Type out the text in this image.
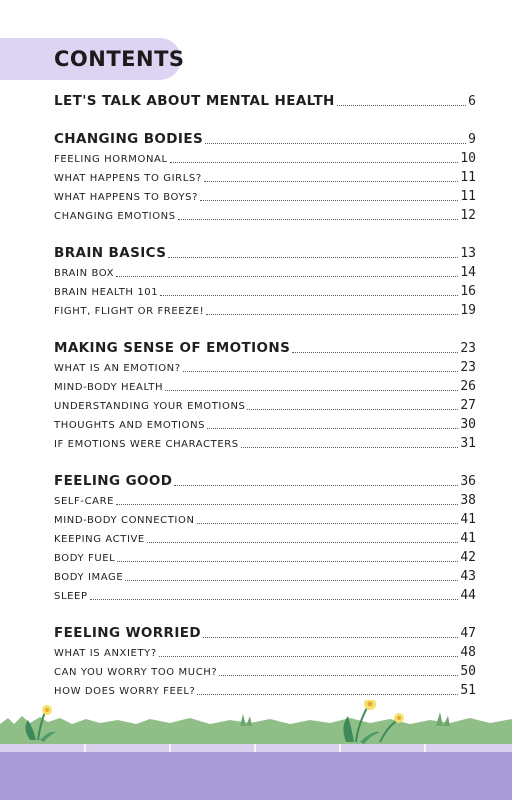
CONTENTS
LET'S TALK ABOUT MENTAL HEALTH	6
CHANGING BODIES	9
FEELING HORMONAL	10
WHAT HAPPENS TO GIRLS?	11
WHAT HAPPENS TO BOYS?	11
CHANGING EMOTIONS	12
BRAIN BASICS	13
BRAIN BOX	14
BRAIN HEALTH 101	16
FIGHT, FLIGHT OR FREEZE!	19
MAKING SENSE OF EMOTIONS	23
WHAT IS AN EMOTION?	23
MIND-BODY HEALTH	26
UNDERSTANDING YOUR EMOTIONS	27
THOUGHTS AND EMOTIONS	30
IF EMOTIONS WERE CHARACTERS	31
FEELING GOOD	36
SELF-CARE	38
MIND-BODY CONNECTION	41
KEEPING ACTIVE	41
BODY FUEL	42
BODY IMAGE	43
SLEEP	44
FEELING WORRIED	47
WHAT IS ANXIETY?	48
CAN YOU WORRY TOO MUCH?	50
HOW DOES WORRY FEEL?	51
